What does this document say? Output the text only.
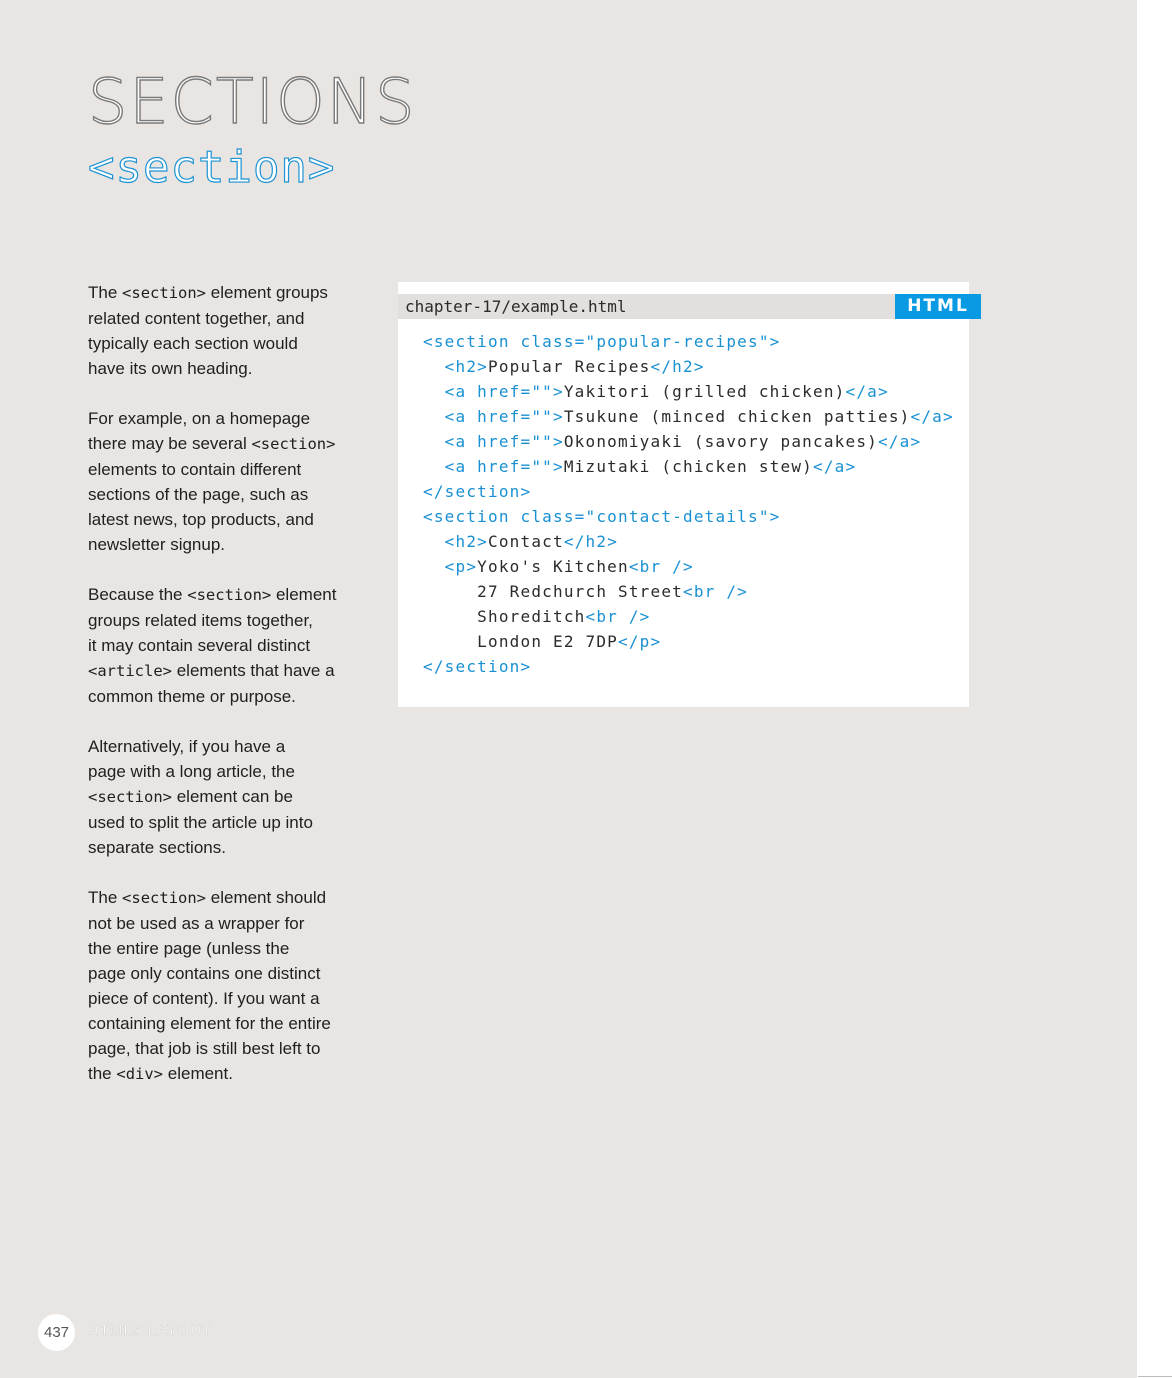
SECTIONS
<section>

The <section> element groups
related content together, and
typically each section would
have its own heading.

For example, on a homepage
there may be several <section>
elements to contain different
sections of the page, such as
latest news, top products, and
newsletter signup.

Because the <section> element
groups related items together,
it may contain several distinct
<article> elements that have a
common theme or purpose.

Alternatively, if you have a
page with a long article, the
<section> element can be
used to split the article up into
separate sections.

The <section> element should
not be used as a wrapper for
the entire page (unless the
page only contains one distinct
piece of content). If you want a
containing element for the entire
page, that job is still best left to
the <div> element.

chapter-17/example.html	HTML
<section class="popular-recipes">
<h2>Popular Recipes</h2>
<a href="">Yakitori (grilled chicken)</a>
<a href="">Tsukune (minced chicken patties)</a>
<a href="">Okonomiyaki (savory pancakes)</a>
<a href="">Mizutaki (chicken stew)</a>
</section>
<section class="contact-details">
<h2>Contact</h2>
<p>Yoko's Kitchen<br />
27 Redchurch Street<br />
Shoreditch<br />
London E2 7DP</p>
</section>
437	HTML5 LAYOUT
